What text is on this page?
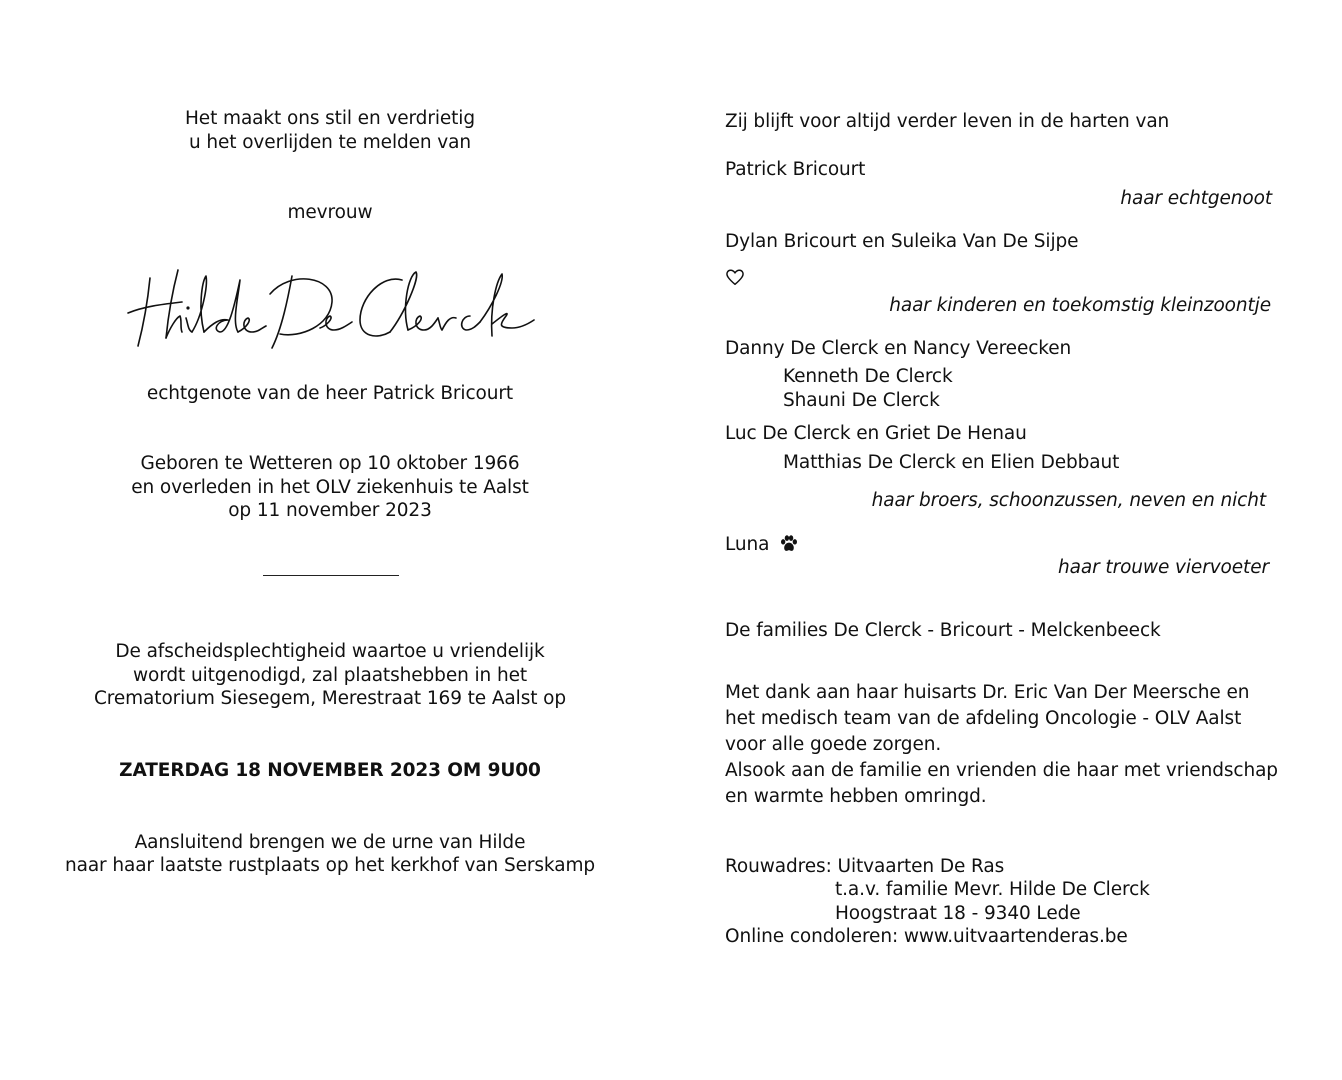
Het maakt ons stil en verdrietig
u het overlijden te melden van
mevrouw
echtgenote van de heer Patrick Bricourt
Geboren te Wetteren op 10 oktober 1966
en overleden in het OLV ziekenhuis te Aalst
op 11 november 2023
De afscheidsplechtigheid waartoe u vriendelijk
wordt uitgenodigd, zal plaatshebben in het
Crematorium Siesegem, Merestraat 169 te Aalst op
ZATERDAG 18 NOVEMBER 2023 OM 9U00
Aansluitend brengen we de urne van Hilde
naar haar laatste rustplaats op het kerkhof van Serskamp
Zij blijft voor altijd verder leven in de harten van
Patrick Bricourt
haar echtgenoot
Dylan Bricourt en Suleika Van De Sijpe
haar kinderen en toekomstig kleinzoontje
Danny De Clerck en Nancy Vereecken
Kenneth De Clerck
Shauni De Clerck
Luc De Clerck en Griet De Henau
Matthias De Clerck en Elien Debbaut
haar broers, schoonzussen, neven en nicht
Luna
haar trouwe viervoeter
De families De Clerck - Bricourt - Melckenbeeck
Met dank aan haar huisarts Dr. Eric Van Der Meersche en
het medisch team van de afdeling Oncologie - OLV Aalst
voor alle goede zorgen.
Alsook aan de familie en vrienden die haar met vriendschap
en warmte hebben omringd.
Rouwadres: Uitvaarten De Ras
t.a.v. familie Mevr. Hilde De Clerck
Hoogstraat 18 - 9340 Lede
Online condoleren: www.uitvaartenderas.be
